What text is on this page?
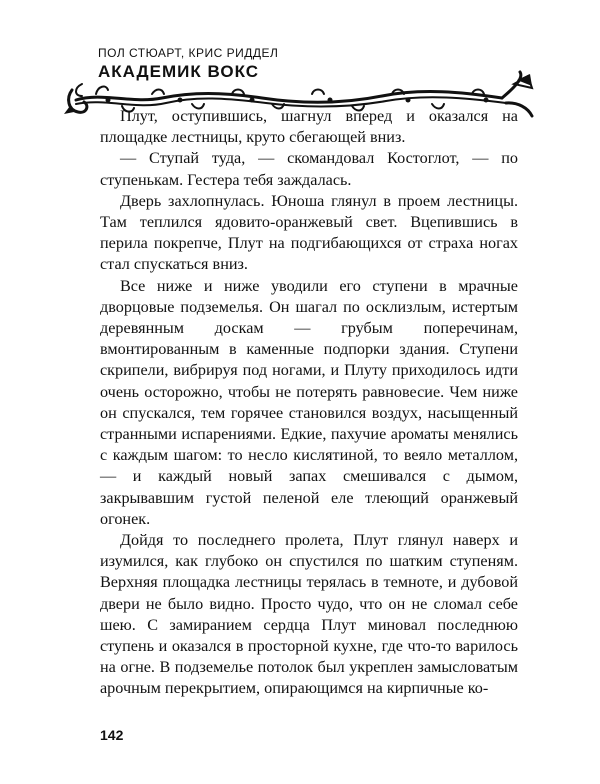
ПОЛ СТЮАРТ, КРИС РИДДЕЛ
АКАДЕМИК ВОКС

Плут, оступившись, шагнул вперед и оказался на площадке лестницы, круто сбегающей вниз.

— Ступай туда, — скомандовал Костоглот, — по ступенькам. Гестера тебя заждалась.

Дверь захлопнулась. Юноша глянул в проем лестницы. Там теплился ядовито-оранжевый свет. Вцепившись в перила покрепче, Плут на подгибающихся от страха ногах стал спускаться вниз.

Все ниже и ниже уводили его ступени в мрачные дворцовые подземелья. Он шагал по осклизлым, истертым деревянным доскам — грубым поперечинам, вмонтированным в каменные подпорки здания. Ступени скрипели, вибрируя под ногами, и Плуту приходилось идти очень осторожно, чтобы не потерять равновесие. Чем ниже он спускался, тем горячее становился воздух, насыщенный странными испарениями. Едкие, пахучие ароматы менялись с каждым шагом: то несло кислятиной, то веяло металлом, — и каждый новый запах смешивался с дымом, закрывавшим густой пеленой еле тлеющий оранжевый огонек.

Дойдя то последнего пролета, Плут глянул наверх и изумился, как глубоко он спустился по шатким ступеням. Верхняя площадка лестницы терялась в темноте, и дубовой двери не было видно. Просто чудо, что он не сломал себе шею. С замиранием сердца Плут миновал последнюю ступень и оказался в просторной кухне, где что-то варилось на огне. В подземелье потолок был укреплен замысловатым арочным перекрытием, опирающимся на кирпичные ко-

142
